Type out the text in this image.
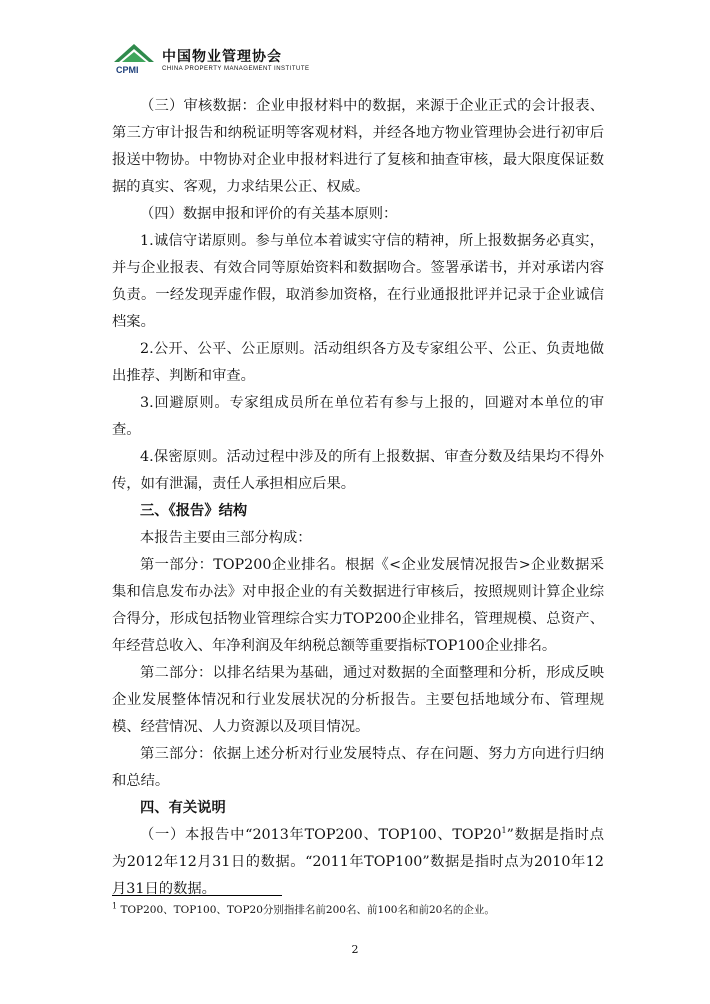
CPMI
中国物业管理协会
CHINA PROPERTY MANAGEMENT INSTITUTE

（三）审核数据：企业申报材料中的数据，来源于企业正式的会计报表、第三方审计报告和纳税证明等客观材料，并经各地方物业管理协会进行初审后报送中物协。中物协对企业申报材料进行了复核和抽查审核，最大限度保证数据的真实、客观，力求结果公正、权威。

（四）数据申报和评价的有关基本原则：

1.诚信守诺原则。参与单位本着诚实守信的精神，所上报数据务必真实，并与企业报表、有效合同等原始资料和数据吻合。签署承诺书，并对承诺内容负责。一经发现弄虚作假，取消参加资格，在行业通报批评并记录于企业诚信档案。

2.公开、公平、公正原则。活动组织各方及专家组公平、公正、负责地做出推荐、判断和审查。

3.回避原则。专家组成员所在单位若有参与上报的，回避对本单位的审查。

4.保密原则。活动过程中涉及的所有上报数据、审查分数及结果均不得外传，如有泄漏，责任人承担相应后果。

三、《报告》结构

本报告主要由三部分构成：

第一部分：TOP200企业排名。根据《<企业发展情况报告>企业数据采集和信息发布办法》对申报企业的有关数据进行审核后，按照规则计算企业综合得分，形成包括物业管理综合实力TOP200企业排名，管理规模、总资产、年经营总收入、年净利润及年纳税总额等重要指标TOP100企业排名。

第二部分：以排名结果为基础，通过对数据的全面整理和分析，形成反映企业发展整体情况和行业发展状况的分析报告。主要包括地域分布、管理规模、经营情况、人力资源以及项目情况。

第三部分：依据上述分析对行业发展特点、存在问题、努力方向进行归纳和总结。

四、有关说明

（一）本报告中“2013年TOP200、TOP100、$TOP20^1$”数据是指时点为2012年12月31日的数据。“2011年TOP100”数据是指时点为2010年12月31日的数据。

$^1$ TOP200、TOP100、TOP20分别指排名前200名、前100名和前20名的企业。
2
